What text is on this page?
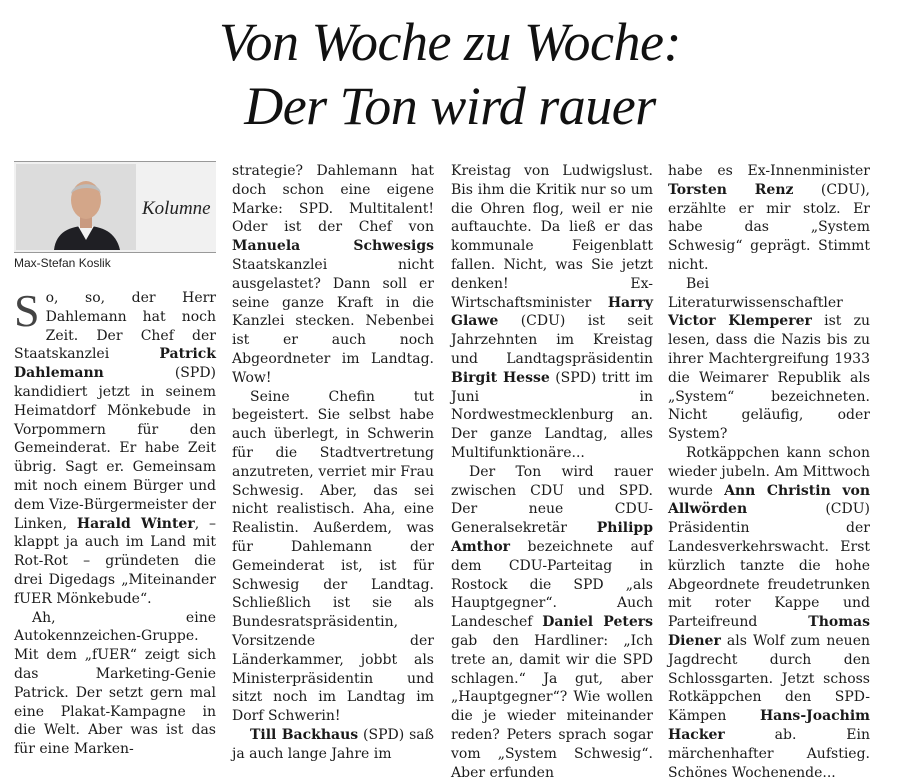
Von Woche zu Woche:
Der Ton wird rauer
Kolumne
Max-Stefan Koslik

So, so, der Herr Dahlemann hat noch Zeit. Der Chef der Staatskanzlei Patrick Dahlemann (SPD) kandidiert jetzt in seinem Heimatdorf Mönkebude in Vorpommern für den Gemeinderat. Er habe Zeit übrig. Sagt er. Gemeinsam mit noch einem Bürger und dem Vize-Bürgermeister der Linken, Harald Winter, – klappt ja auch im Land mit Rot-Rot – gründeten die drei Digedags „Miteinander fUER Mönkebude“.

Ah, eine Autokennzeichen-Gruppe. Mit dem „fUER“ zeigt sich das Marketing-Genie Patrick. Der setzt gern mal eine Plakat-Kampagne in die Welt. Aber was ist das für eine Marken-

strategie? Dahlemann hat doch schon eine eigene Marke: SPD. Multitalent! Oder ist der Chef von Manuela Schwesigs Staatskanzlei nicht ausgelastet? Dann soll er seine ganze Kraft in die Kanzlei stecken. Nebenbei ist er auch noch Abgeordneter im Landtag. Wow!

Seine Chefin tut begeistert. Sie selbst habe auch überlegt, in Schwerin für die Stadtvertretung anzutreten, verriet mir Frau Schwesig. Aber, das sei nicht realistisch. Aha, eine Realistin. Außerdem, was für Dahlemann der Gemeinderat ist, ist für Schwesig der Landtag. Schließlich ist sie als Bundesratspräsidentin, Vorsitzende der Länderkammer, jobbt als Ministerpräsidentin und sitzt noch im Landtag im Dorf Schwerin!

Till Backhaus (SPD) saß ja auch lange Jahre im

Kreistag von Ludwigslust. Bis ihm die Kritik nur so um die Ohren flog, weil er nie auftauchte. Da ließ er das kommunale Feigenblatt fallen. Nicht, was Sie jetzt denken! Ex-Wirtschaftsminister Harry Glawe (CDU) ist seit Jahrzehnten im Kreistag und Landtagspräsidentin Birgit Hesse (SPD) tritt im Juni in Nordwestmecklenburg an. Der ganze Landtag, alles Multifunktionäre...

Der Ton wird rauer zwischen CDU und SPD. Der neue CDU-Generalsekretär Philipp Amthor bezeichnete auf dem CDU-Parteitag in Rostock die SPD „als Hauptgegner“. Auch Landeschef Daniel Peters gab den Hardliner: „Ich trete an, damit wir die SPD schlagen.“ Ja gut, aber „Hauptgegner“? Wie wollen die je wieder miteinander reden? Peters sprach sogar vom „System Schwesig“. Aber erfunden

habe es Ex-Innenminister Torsten Renz (CDU), erzählte er mir stolz. Er habe das „System Schwesig“ geprägt. Stimmt nicht.

Bei Literaturwissenschaftler Victor Klemperer ist zu lesen, dass die Nazis bis zu ihrer Machtergreifung 1933 die Weimarer Republik als „System“ bezeichneten. Nicht geläufig, oder System?

Rotkäppchen kann schon wieder jubeln. Am Mittwoch wurde Ann Christin von Allwörden (CDU) Präsidentin der Landesverkehrswacht. Erst kürzlich tanzte die hohe Abgeordnete freudetrunken mit roter Kappe und Parteifreund Thomas Diener als Wolf zum neuen Jagdrecht durch den Schlossgarten. Jetzt schoss Rotkäppchen den SPD-Kämpen Hans-Joachim Hacker ab. Ein märchenhafter Aufstieg. Schönes Wochenende...
